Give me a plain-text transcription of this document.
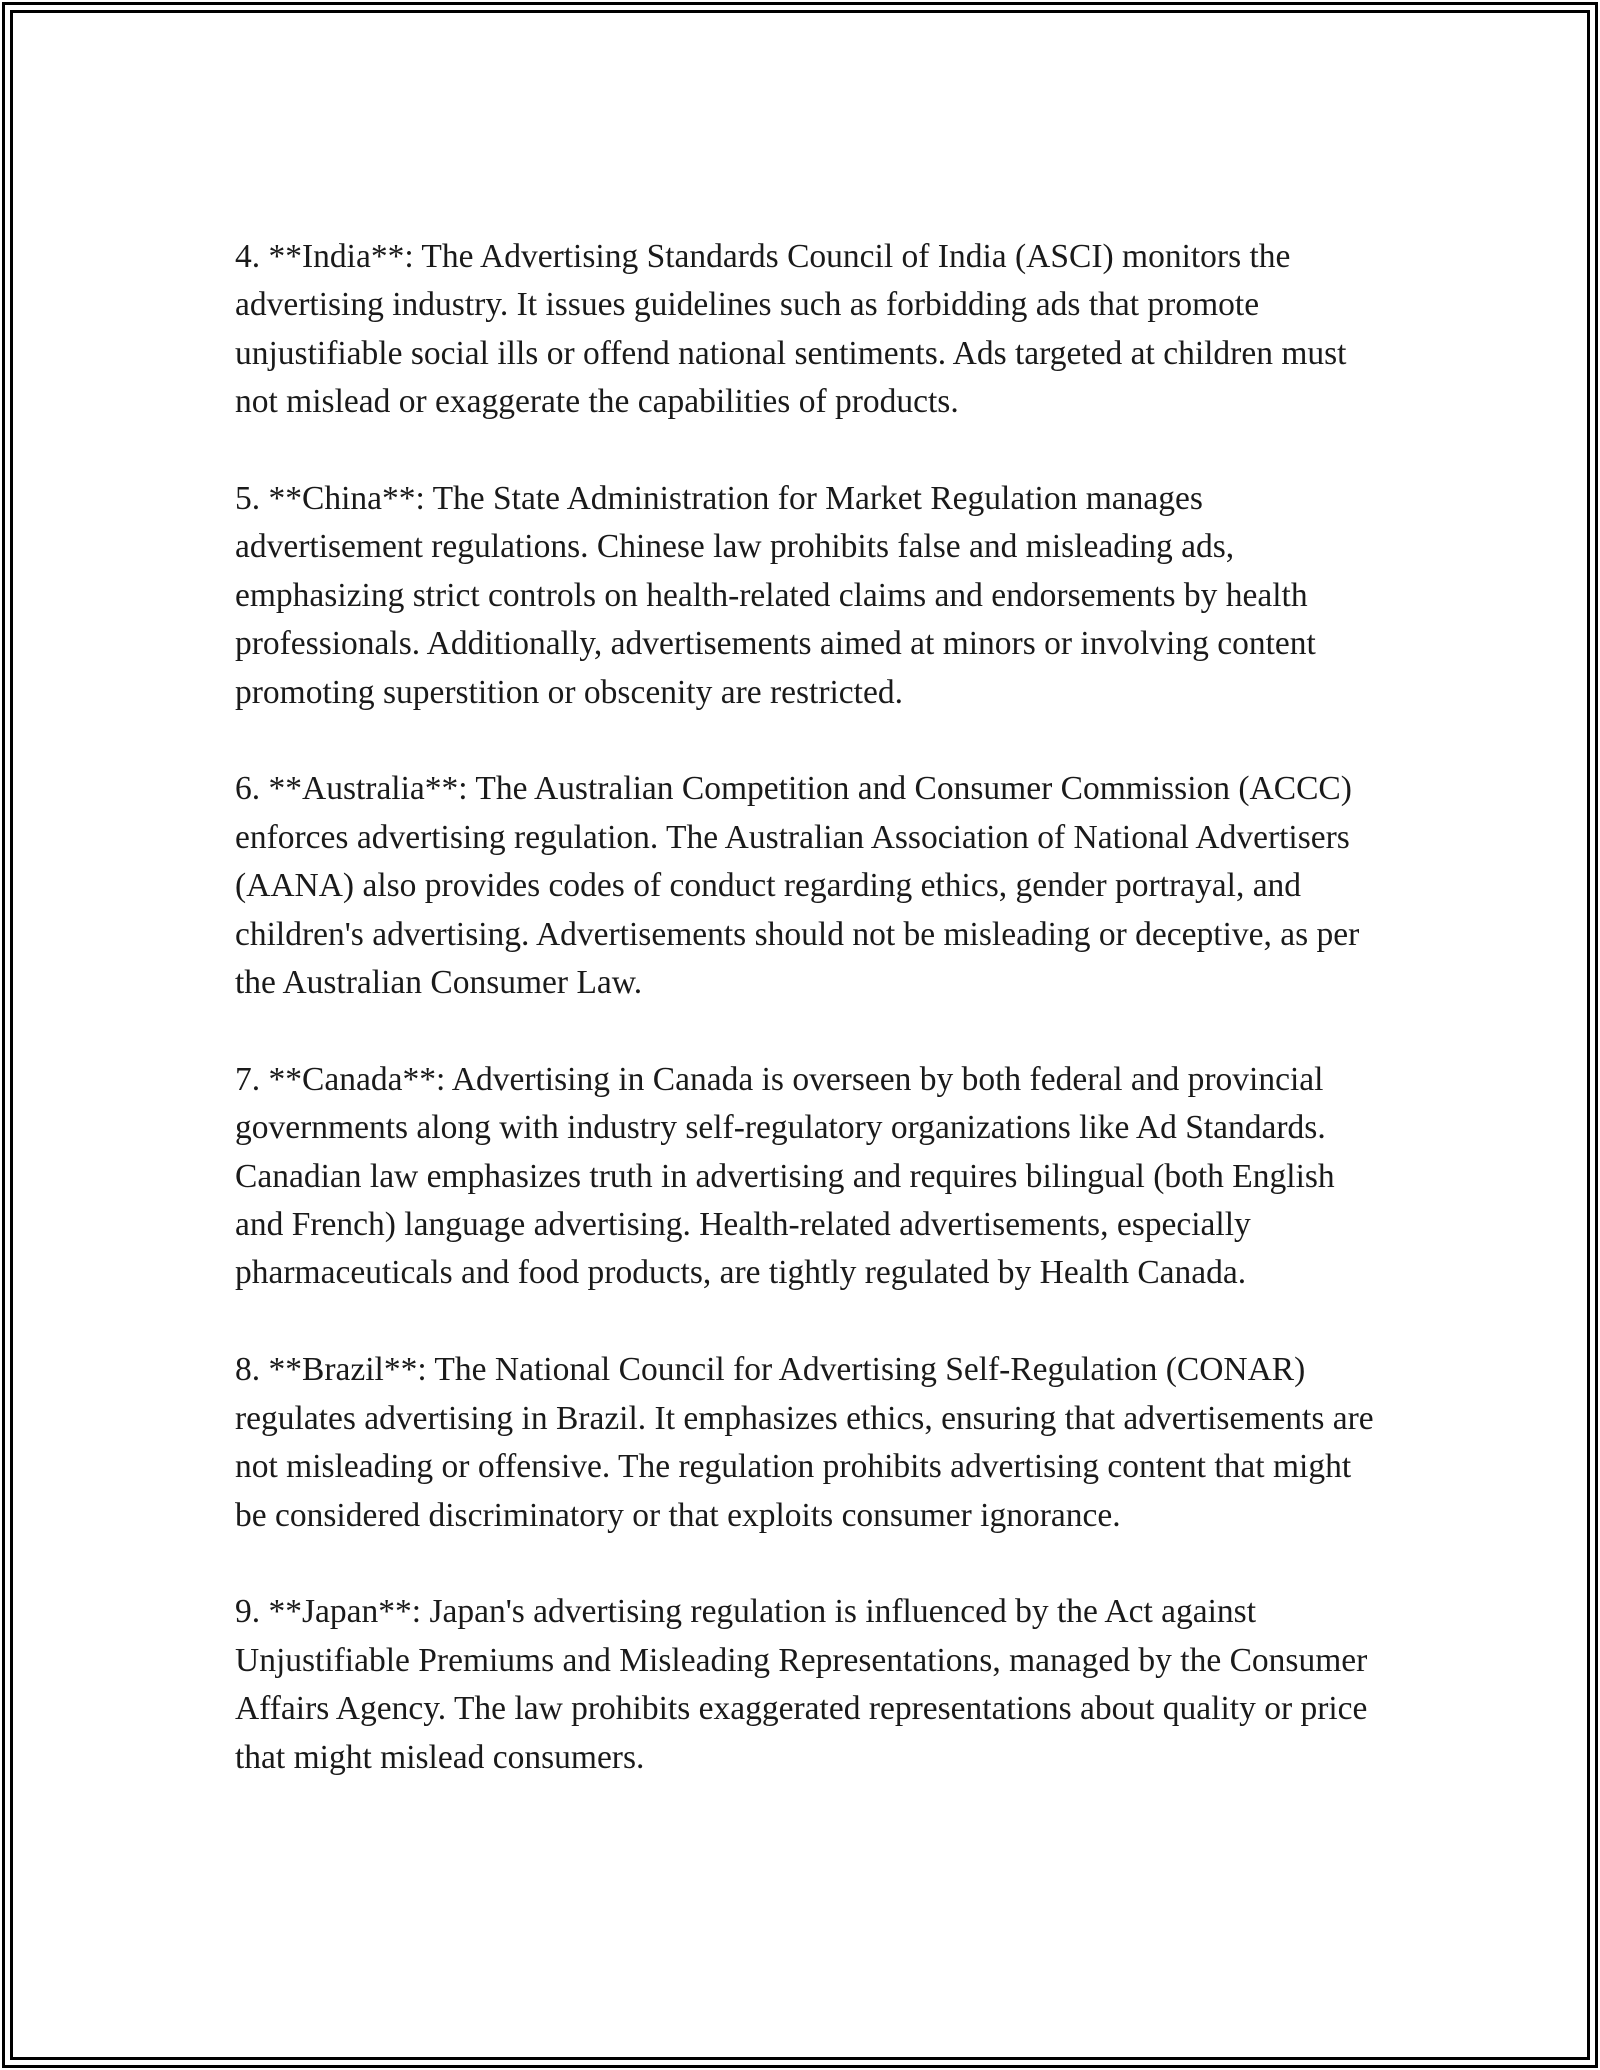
4. **India**: The Advertising Standards Council of India (ASCI) monitors the advertising industry. It issues guidelines such as forbidding ads that promote unjustifiable social ills or offend national sentiments. Ads targeted at children must not mislead or exaggerate the capabilities of products.

5. **China**: The State Administration for Market Regulation manages advertisement regulations. Chinese law prohibits false and misleading ads, emphasizing strict controls on health-related claims and endorsements by health professionals. Additionally, advertisements aimed at minors or involving content promoting superstition or obscenity are restricted.

6. **Australia**: The Australian Competition and Consumer Commission (ACCC) enforces advertising regulation. The Australian Association of National Advertisers (AANA) also provides codes of conduct regarding ethics, gender portrayal, and children's advertising. Advertisements should not be misleading or deceptive, as per the Australian Consumer Law.

7. **Canada**: Advertising in Canada is overseen by both federal and provincial governments along with industry self-regulatory organizations like Ad Standards. Canadian law emphasizes truth in advertising and requires bilingual (both English and French) language advertising. Health-related advertisements, especially pharmaceuticals and food products, are tightly regulated by Health Canada.

8. **Brazil**: The National Council for Advertising Self-Regulation (CONAR) regulates advertising in Brazil. It emphasizes ethics, ensuring that advertisements are not misleading or offensive. The regulation prohibits advertising content that might be considered discriminatory or that exploits consumer ignorance.

9. **Japan**: Japan's advertising regulation is influenced by the Act against Unjustifiable Premiums and Misleading Representations, managed by the Consumer Affairs Agency. The law prohibits exaggerated representations about quality or price that might mislead consumers.
